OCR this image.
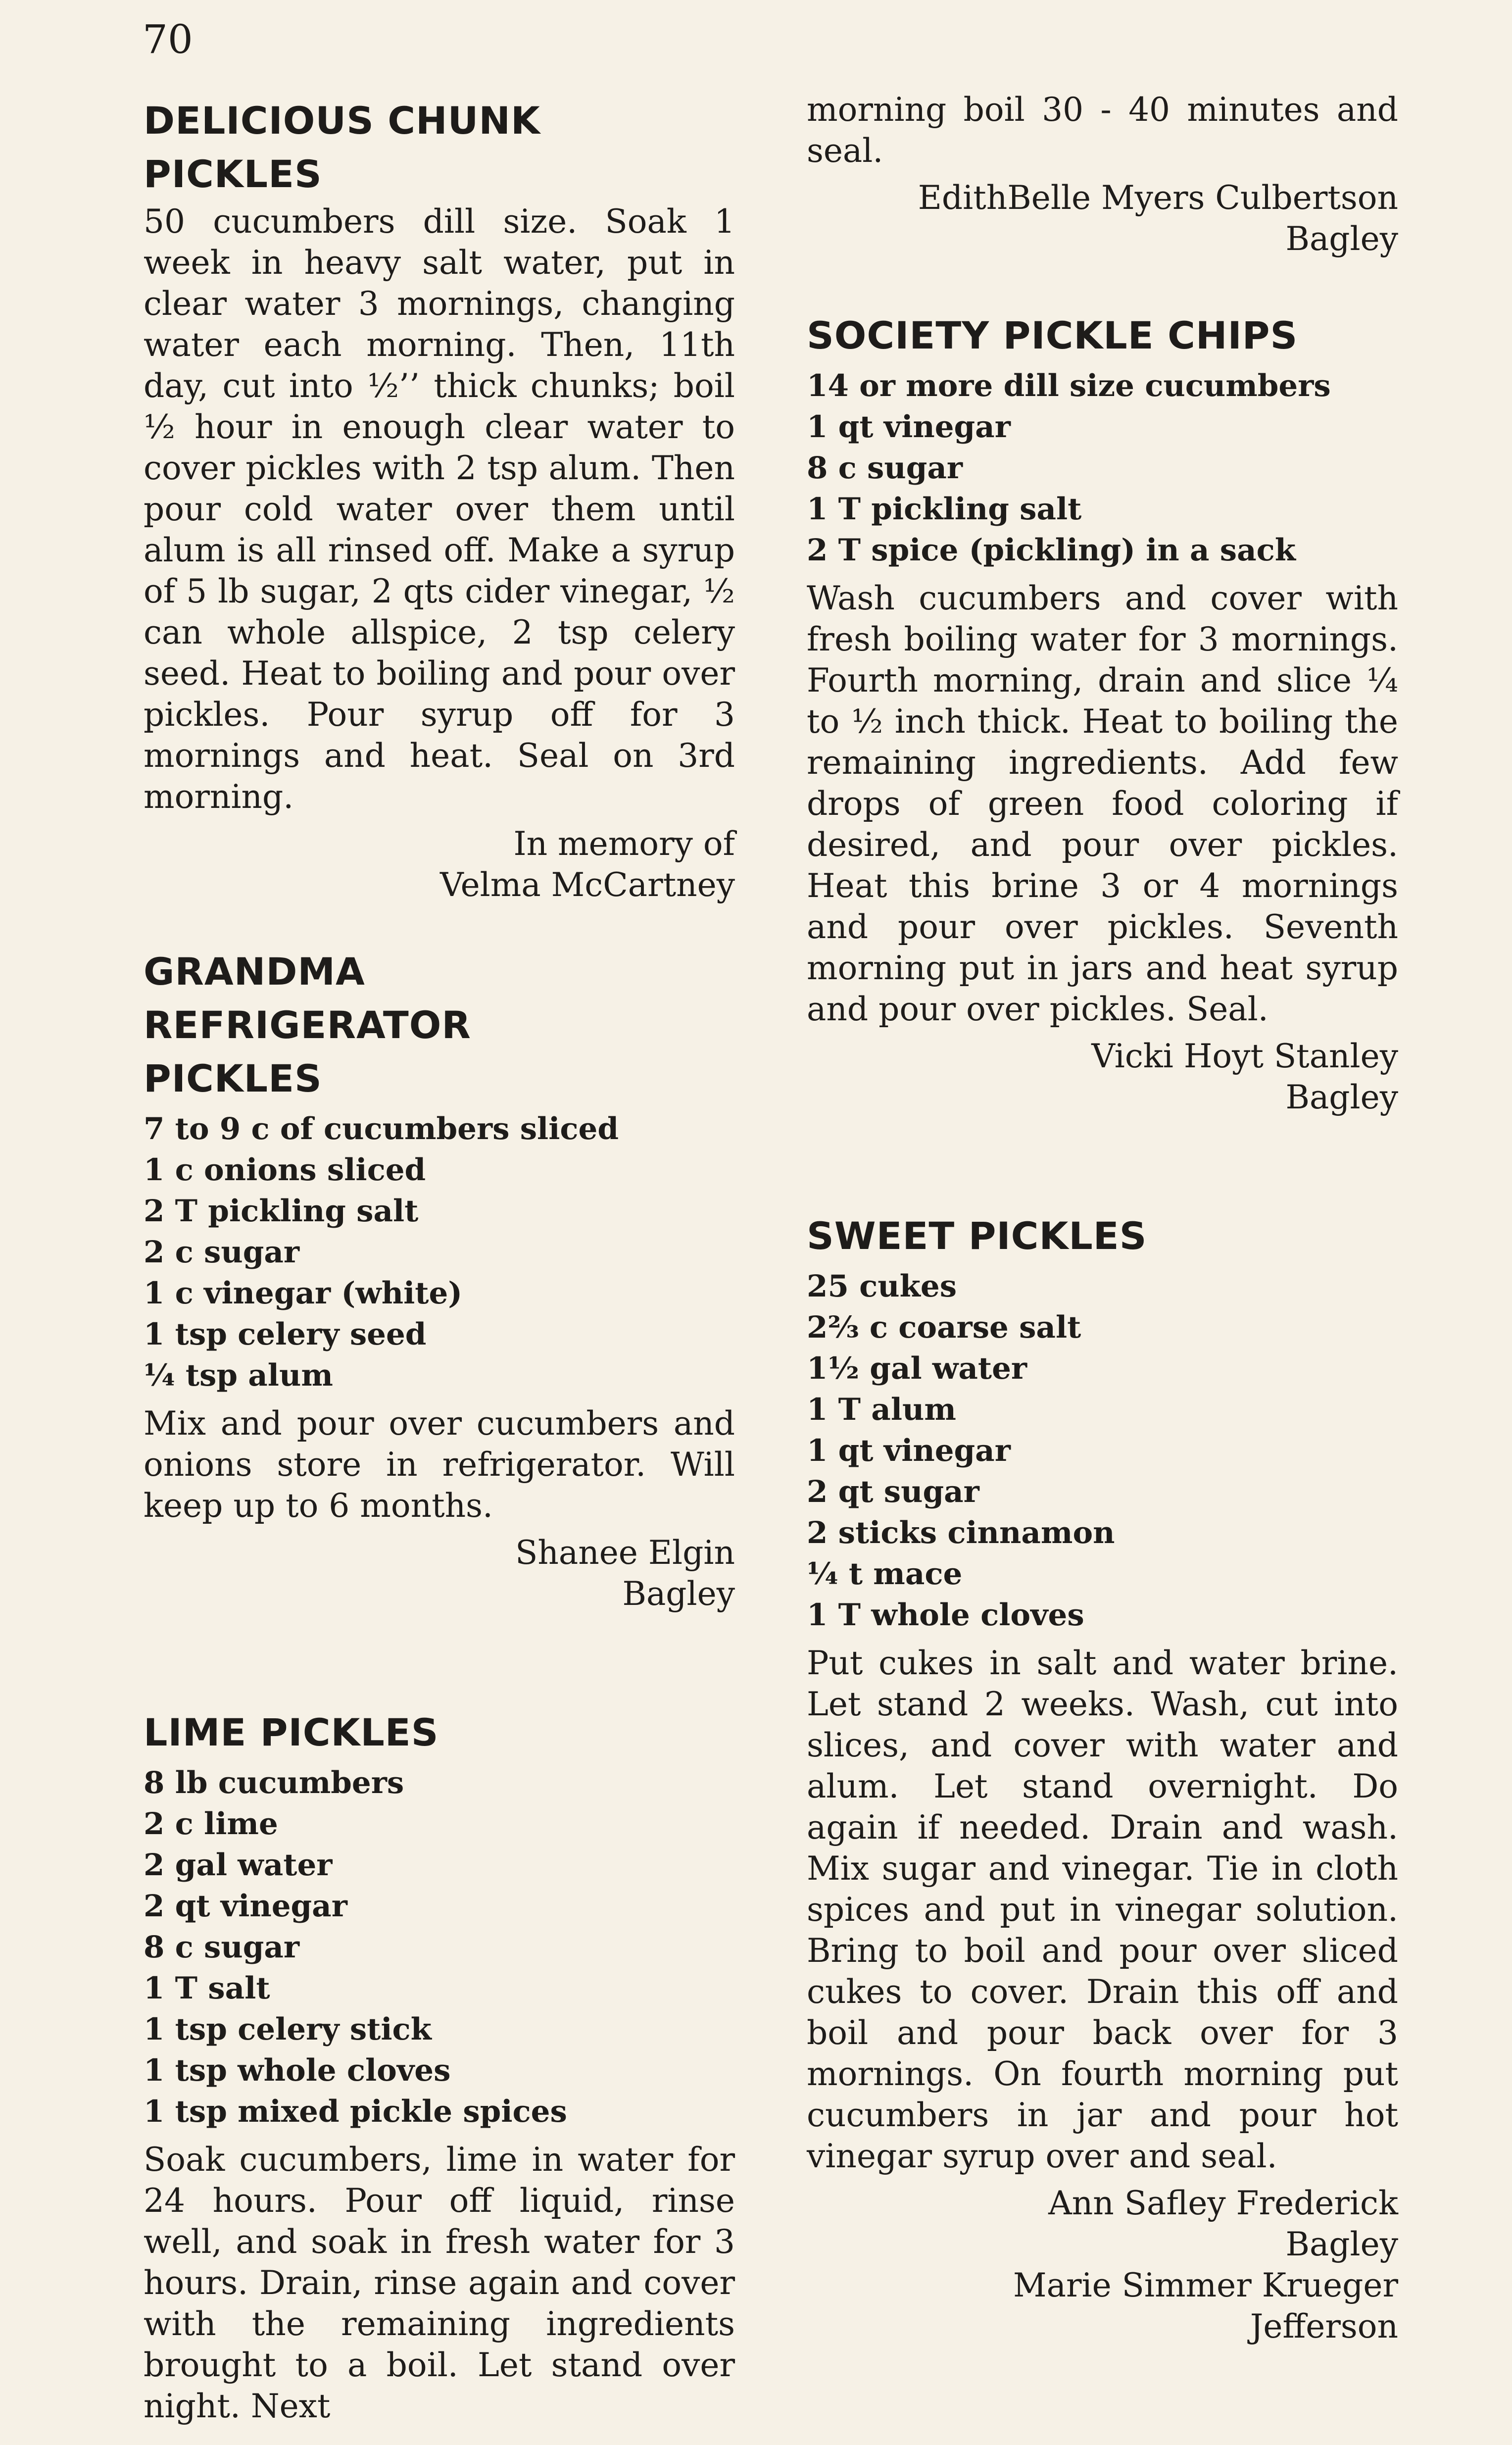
70
DELICIOUS CHUNK
PICKLES

50 cucumbers dill size. Soak 1 week in heavy salt water, put in clear water 3 mornings, changing water each morning. Then, 11th day, cut into ½’’ thick chunks; boil ½ hour in enough clear water to cover pickles with 2 tsp alum. Then pour cold water over them until alum is all rinsed off. Make a syrup of 5 lb sugar, 2 qts cider vinegar, ½ can whole allspice, 2 tsp celery seed. Heat to boiling and pour over pickles. Pour syrup off for 3 mornings and heat. Seal on 3rd morning.

In memory of
Velma McCartney
GRANDMA
REFRIGERATOR
PICKLES
7 to 9 c of cucumbers sliced
1 c onions sliced
2 T pickling salt
2 c sugar
1 c vinegar (white)
1 tsp celery seed
¼ tsp alum

Mix and pour over cucumbers and onions store in refrigerator. Will keep up to 6 months.

Shanee Elgin
Bagley
LIME PICKLES
8 lb cucumbers
2 c lime
2 gal water
2 qt vinegar
8 c sugar
1 T salt
1 tsp celery stick
1 tsp whole cloves
1 tsp mixed pickle spices

Soak cucumbers, lime in water for 24 hours. Pour off liquid, rinse well, and soak in fresh water for 3 hours. Drain, rinse again and cover with the remaining ingredients brought to a boil. Let stand over night. Next

morning boil 30 - 40 minutes and seal.

EdithBelle Myers Culbertson
Bagley
SOCIETY PICKLE CHIPS
14 or more dill size cucumbers
1 qt vinegar
8 c sugar
1 T pickling salt
2 T spice (pickling) in a sack

Wash cucumbers and cover with fresh boiling water for 3 mornings. Fourth morning, drain and slice ¼ to ½ inch thick. Heat to boiling the remaining ingredients. Add few drops of green food coloring if desired, and pour over pickles. Heat this brine 3 or 4 mornings and pour over pickles. Seventh morning put in jars and heat syrup and pour over pickles. Seal.

Vicki Hoyt Stanley
Bagley
SWEET PICKLES
25 cukes
2⅔ c coarse salt
1½ gal water
1 T alum
1 qt vinegar
2 qt sugar
2 sticks cinnamon
¼ t mace
1 T whole cloves

Put cukes in salt and water brine. Let stand 2 weeks. Wash, cut into slices, and cover with water and alum. Let stand overnight. Do again if needed. Drain and wash. Mix sugar and vinegar. Tie in cloth spices and put in vinegar solution. Bring to boil and pour over sliced cukes to cover. Drain this off and boil and pour back over for 3 mornings. On fourth morning put cucumbers in jar and pour hot vinegar syrup over and seal.

Ann Safley Frederick
Bagley
Marie Simmer Krueger
Jefferson
